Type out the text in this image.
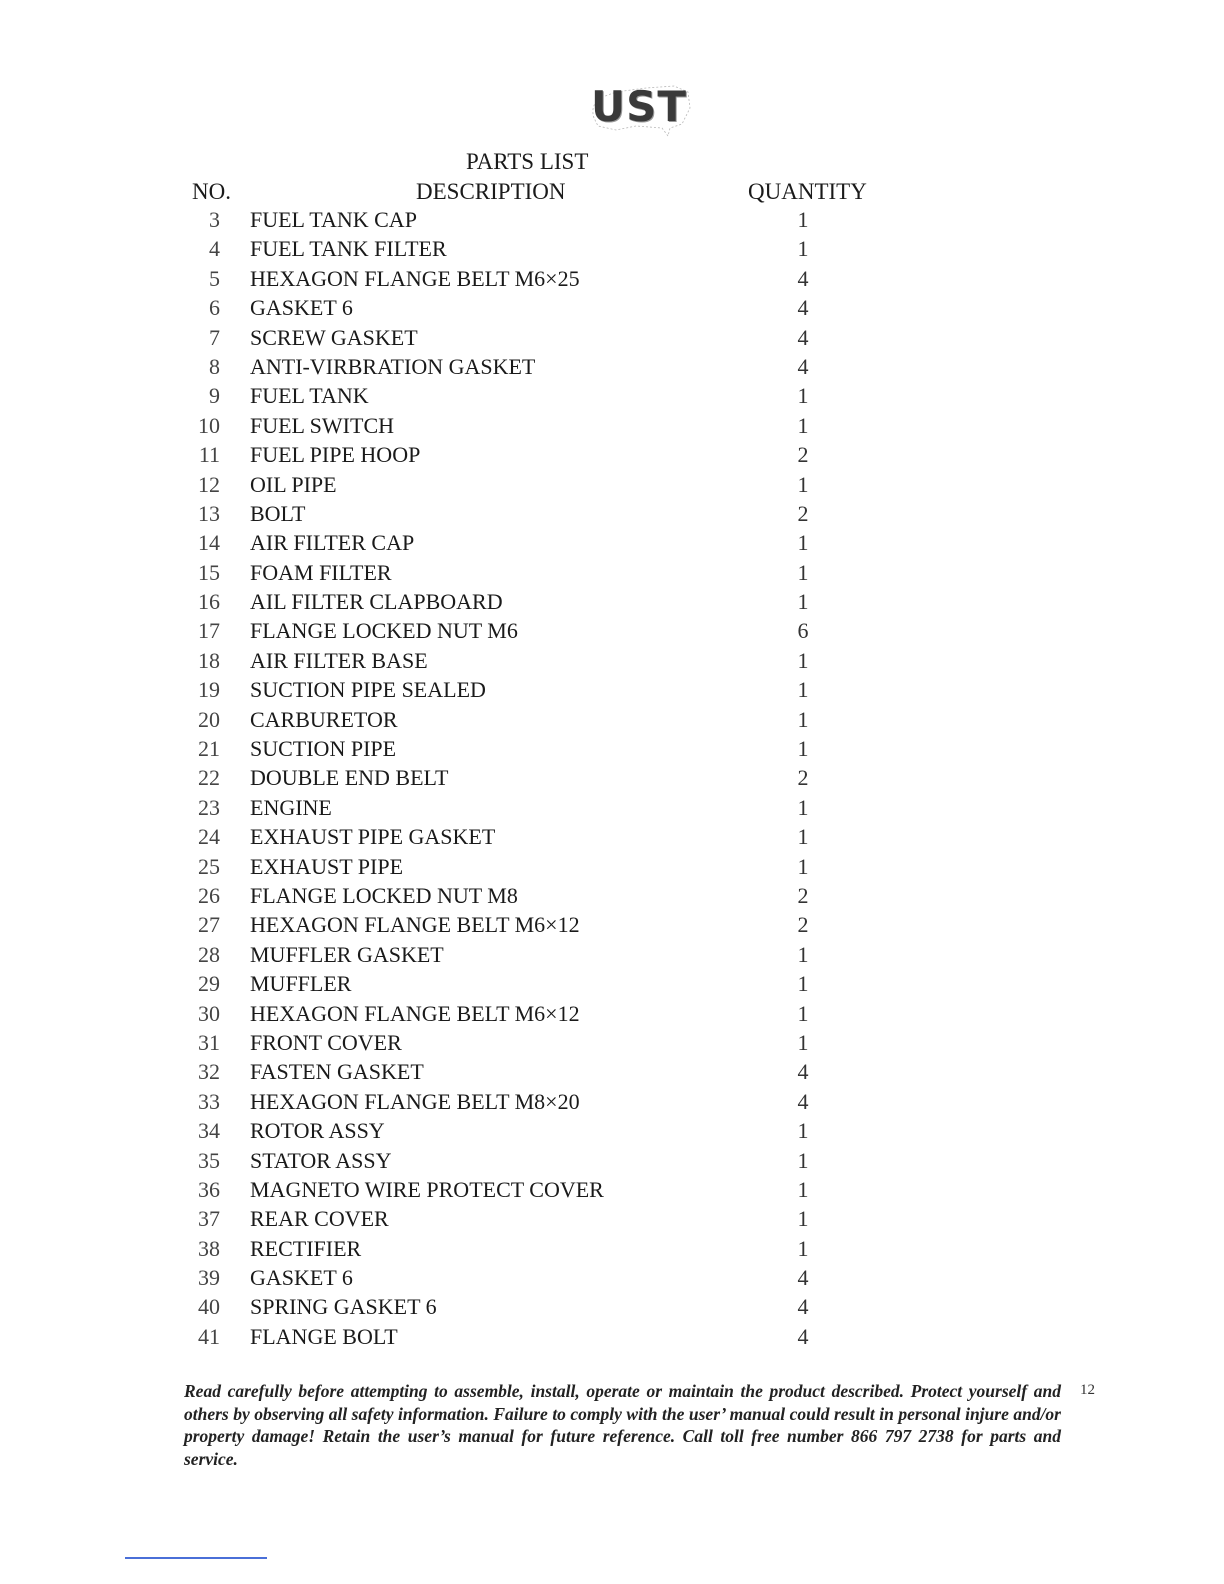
UST
PARTS LIST
NO.	DESCRIPTION	QUANTITY
3 FUEL TANK CAP	1
4 FUEL TANK FILTER	1
5 HEXAGON FLANGE BELT M6×25	4
6 GASKET 6	4
7 SCREW GASKET	4
8 ANTI-VIRBRATION GASKET	4
9 FUEL TANK	1
10 FUEL SWITCH	1
11 FUEL PIPE HOOP	2
12 OIL PIPE	1
13 BOLT	2
14 AIR FILTER CAP	1
15 FOAM FILTER	1
16 AIL FILTER CLAPBOARD	1
17 FLANGE LOCKED NUT M6	6
18 AIR FILTER BASE	1
19 SUCTION PIPE SEALED	1
20 CARBURETOR	1
21 SUCTION PIPE	1
22 DOUBLE END BELT	2
23 ENGINE	1
24 EXHAUST PIPE GASKET	1
25 EXHAUST PIPE	1
26 FLANGE LOCKED NUT M8	2
27 HEXAGON FLANGE BELT M6×12	2
28 MUFFLER GASKET	1
29 MUFFLER	1
30 HEXAGON FLANGE BELT M6×12	1
31 FRONT COVER	1
32 FASTEN GASKET	4
33 HEXAGON FLANGE BELT M8×20	4
34 ROTOR ASSY	1
35 STATOR ASSY	1
36 MAGNETO WIRE PROTECT COVER	1
37 REAR COVER	1
38 RECTIFIER	1
39 GASKET 6	4
40 SPRING GASKET 6	4
41 FLANGE BOLT	4
Read carefully before attempting to assemble, install, operate or maintain the product described. Protect yourself and others by observing all safety information. Failure to comply with the user’ manual could result in personal injure and/or property damage! Retain the user’s manual for future reference. Call toll free number 866 797 2738 for parts and service.
12
